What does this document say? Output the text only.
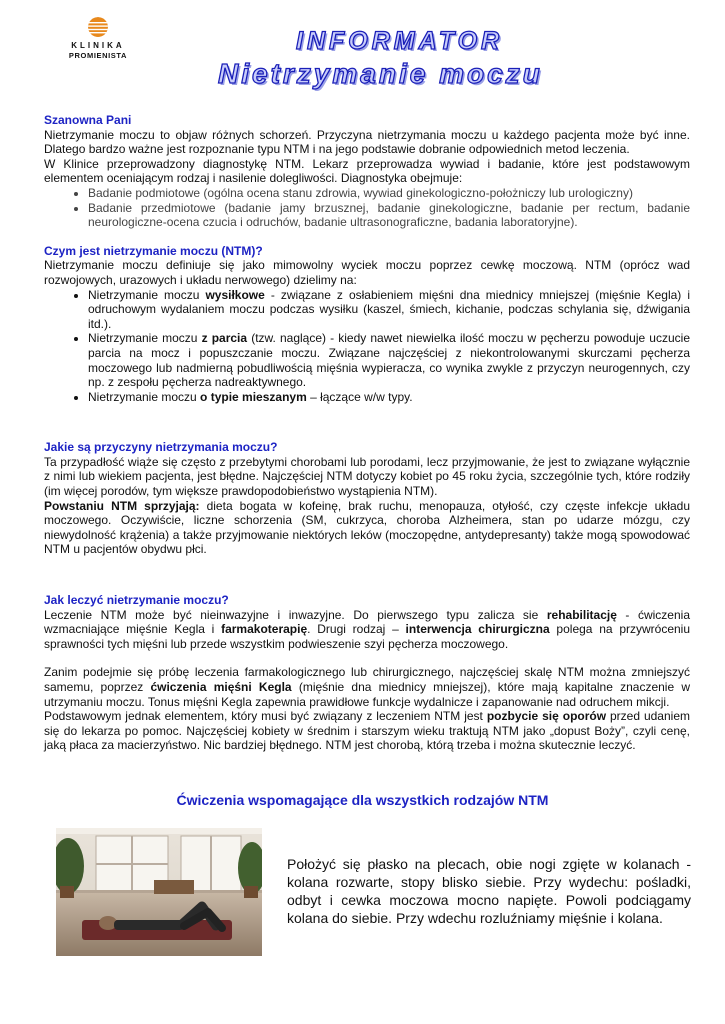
KLINIKA
PROMIENISTA
INFORMATOR
Nietrzymanie moczu

Szanowna Pani

Nietrzymanie moczu to objaw różnych schorzeń. Przyczyna nietrzymania moczu u każdego pacjenta może być inne. Dlatego bardzo ważne jest rozpoznanie typu NTM i na jego podstawie dobranie odpowiednich metod leczenia.

W Klinice przeprowadzony diagnostykę NTM. Lekarz przeprowadza wywiad i badanie, które jest podstawowym elementem oceniającym rodzaj i nasilenie dolegliwości. Diagnostyka obejmuje:

• Badanie podmiotowe (ogólna ocena stanu zdrowia, wywiad ginekologiczno-położniczy lub urologiczny)
• Badanie przedmiotowe (badanie jamy brzusznej, badanie ginekologiczne, badanie per rectum, badanie neurologiczne-ocena czucia i odruchów, badanie ultrasonograficzne, badania laboratoryjne).

Czym jest nietrzymanie moczu (NTM)?

Nietrzymanie moczu definiuje się jako mimowolny wyciek moczu poprzez cewkę moczową. NTM (oprócz wad rozwojowych, urazowych i układu nerwowego) dzielimy na:

• Nietrzymanie moczu wysiłkowe - związane z osłabieniem mięśni dna miednicy mniejszej (mięśnie Kegla) i odruchowym wydalaniem moczu podczas wysiłku (kaszel, śmiech, kichanie, podczas schylania się, dźwigania itd.).
• Nietrzymanie moczu z parcia (tzw. naglące) - kiedy nawet niewielka ilość moczu w pęcherzu powoduje uczucie parcia na mocz i popuszczanie moczu. Związane najczęściej z niekontrolowanymi skurczami pęcherza moczowego lub nadmierną pobudliwością mięśnia wypieracza, co wynika zwykle z przyczyn neurogennych, czy np. z zespołu pęcherza nadreaktywnego.
• Nietrzymanie moczu o typie mieszanym – łączące w/w typy.

Jakie są przyczyny nietrzymania moczu?

Ta przypadłość wiąże się często z przebytymi chorobami lub porodami, lecz przyjmowanie, że jest to związane wyłącznie z nimi lub wiekiem pacjenta, jest błędne. Najczęściej NTM dotyczy kobiet po 45 roku życia, szczególnie tych, które rodziły (im więcej porodów, tym większe prawdopodobieństwo wystąpienia NTM).

Powstaniu NTM sprzyjają: dieta bogata w kofeinę, brak ruchu, menopauza, otyłość, czy częste infekcje układu moczowego. Oczywiście, liczne schorzenia (SM, cukrzyca, choroba Alzheimera, stan po udarze mózgu, czy niewydolność krążenia) a także przyjmowanie niektórych leków (moczopędne, antydepresanty) także mogą spowodować NTM u pacjentów obydwu płci.

Jak leczyć nietrzymanie moczu?

Leczenie NTM może być nieinwazyjne i inwazyjne. Do pierwszego typu zalicza sie rehabilitację - ćwiczenia wzmacniające mięśnie Kegla i farmakoterapię. Drugi rodzaj – interwencja chirurgiczna polega na przywróceniu sprawności tych mięśni lub przede wszystkim podwieszenie szyi pęcherza moczowego.

Zanim podejmie się próbę leczenia farmakologicznego lub chirurgicznego, najczęściej skalę NTM można zmniejszyć samemu, poprzez ćwiczenia mięśni Kegla (mięśnie dna miednicy mniejszej), które mają kapitalne znaczenie w utrzymaniu moczu. Tonus mięśni Kegla zapewnia prawidłowe funkcje wydalnicze i zapanowanie nad odruchem mikcji.

Podstawowym jednak elementem, który musi być związany z leczeniem NTM jest pozbycie się oporów przed udaniem się do lekarza po pomoc. Najczęściej kobiety w średnim i starszym wieku traktują NTM jako „dopust Boży”, czyli cenę, jaką płaca za macierzyństwo. Nic bardziej błędnego. NTM jest chorobą, którą trzeba i można skutecznie leczyć.

Ćwiczenia wspomagające dla wszystkich rodzajów NTM
Położyć się płasko na plecach, obie nogi zgięte w kolanach - kolana rozwarte, stopy blisko siebie. Przy wydechu: pośladki, odbyt i cewka moczowa mocno napięte. Powoli podciągamy kolana do siebie. Przy wdechu rozluźniamy mięśnie i kolana.
